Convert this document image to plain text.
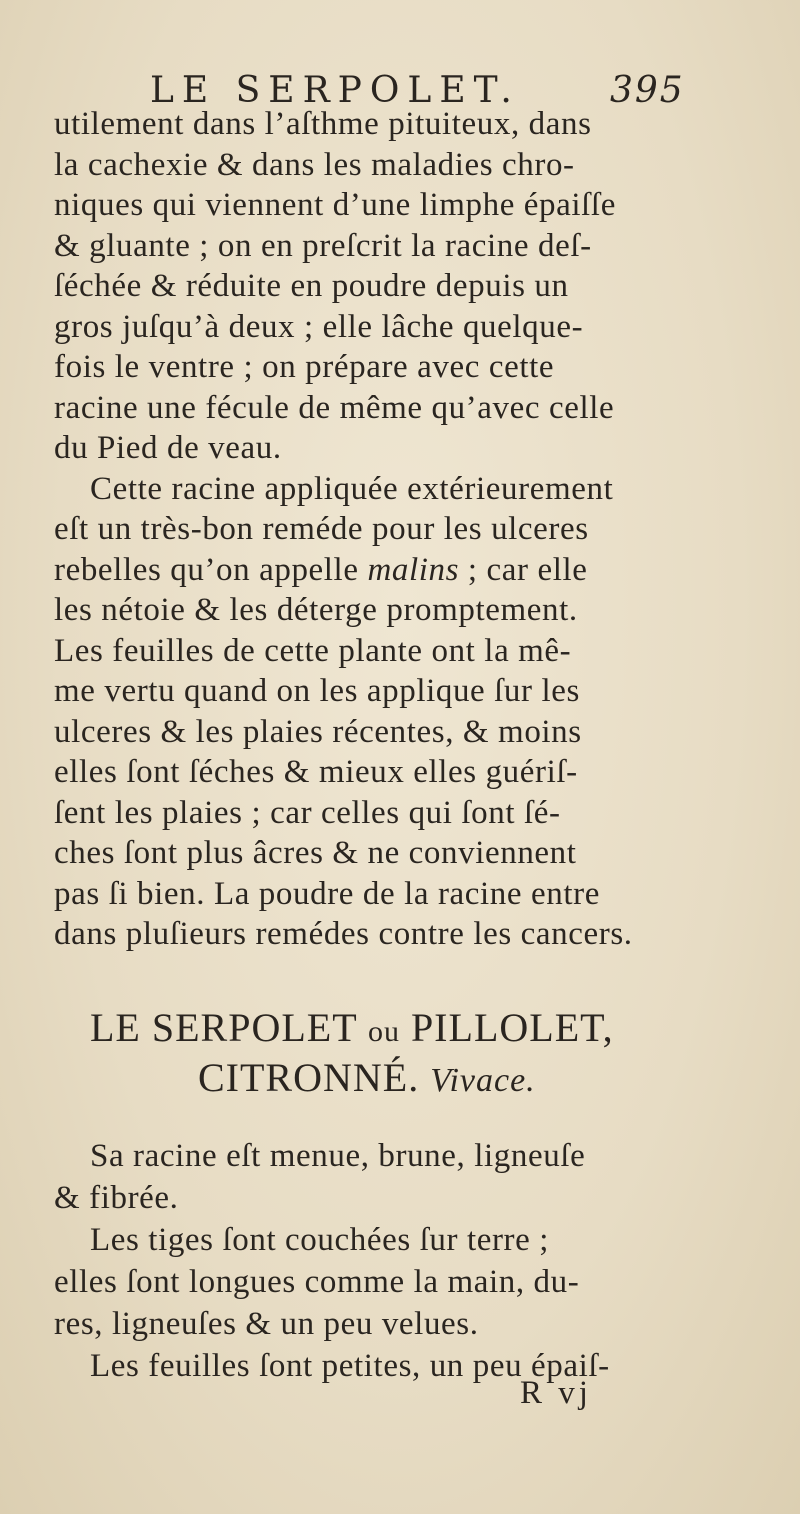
LE SERPOLET.	395
utilement dans l’aſthme pituiteux, dans
la cachexie & dans les maladies chro-
niques qui viennent d’une limphe épaiſſe
& gluante ; on en preſcrit la racine deſ-
ſéchée & réduite en poudre depuis un
gros juſqu’à deux ; elle lâche quelque-
fois le ventre ; on prépare avec cette
racine une fécule de même qu’avec celle
du Pied de veau.
Cette racine appliquée extérieurement
eſt un très-bon reméde pour les ulceres
rebelles qu’on appelle malins ; car elle
les nétoie & les déterge promptement.
Les feuilles de cette plante ont la mê-
me vertu quand on les applique ſur les
ulceres & les plaies récentes, & moins
elles ſont ſéches & mieux elles guériſ-
ſent les plaies ; car celles qui ſont ſé-
ches ſont plus âcres & ne conviennent
pas ſi bien. La poudre de la racine entre
dans pluſieurs remédes contre les cancers.
LE SERPOLET ou PILLOLET,
CITRONNÉ. Vivace.
Sa racine eſt menue, brune, ligneuſe
& fibrée.
Les tiges ſont couchées ſur terre ;
elles ſont longues comme la main, du-
res, ligneuſes & un peu velues.
Les feuilles ſont petites, un peu épaiſ-
R vj
